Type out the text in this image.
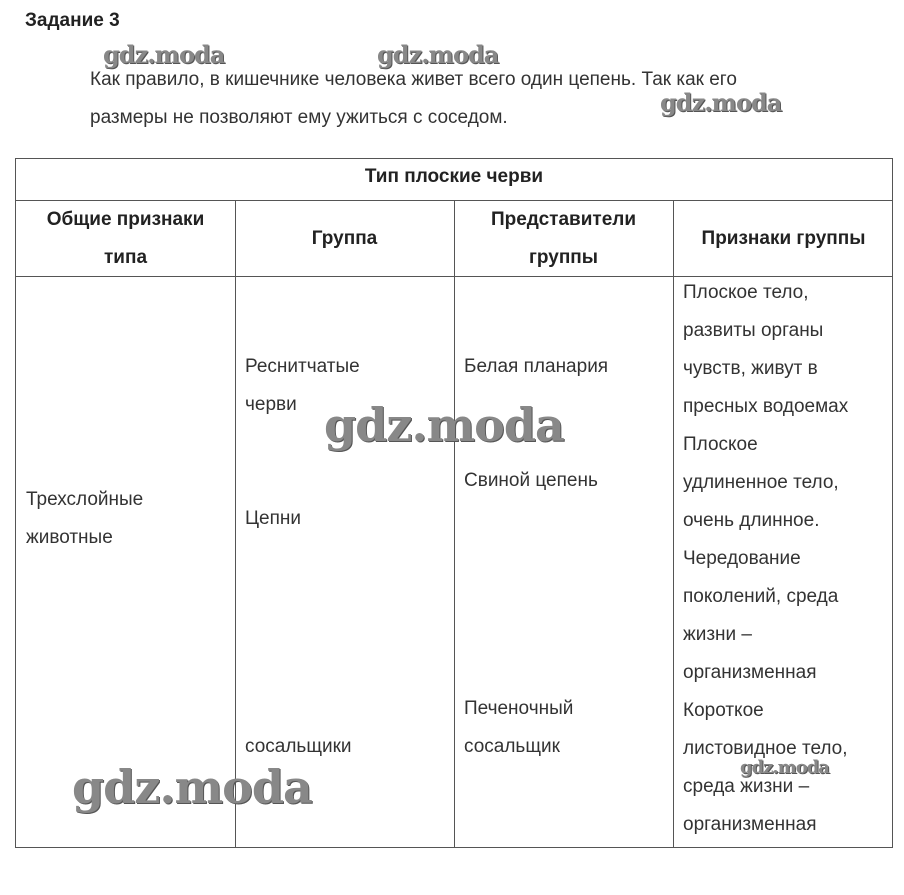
Задание 3
Как правило, в кишечнике человека живет всего один цепень. Так как его
размеры не позволяют ему ужиться с соседом.
Тип плоские черви
Общие признаки типа
Группа
Представители группы
Признаки группы
Трехслойные
животные
Реснитчатые
черви
Цепни
сосальщики
Белая планария
Свиной цепень
Печеночный
сосальщик
Плоское тело,
развиты органы
чувств, живут в
пресных водоемах
Плоское
удлиненное тело,
очень длинное.
Чередование
поколений, среда
жизни –
организменная
Короткое
листовидное тело,
среда жизни –
организменная
gdz.moda	gdz.moda
gdz.moda
gdz.moda
gdz.moda	gdz.moda
